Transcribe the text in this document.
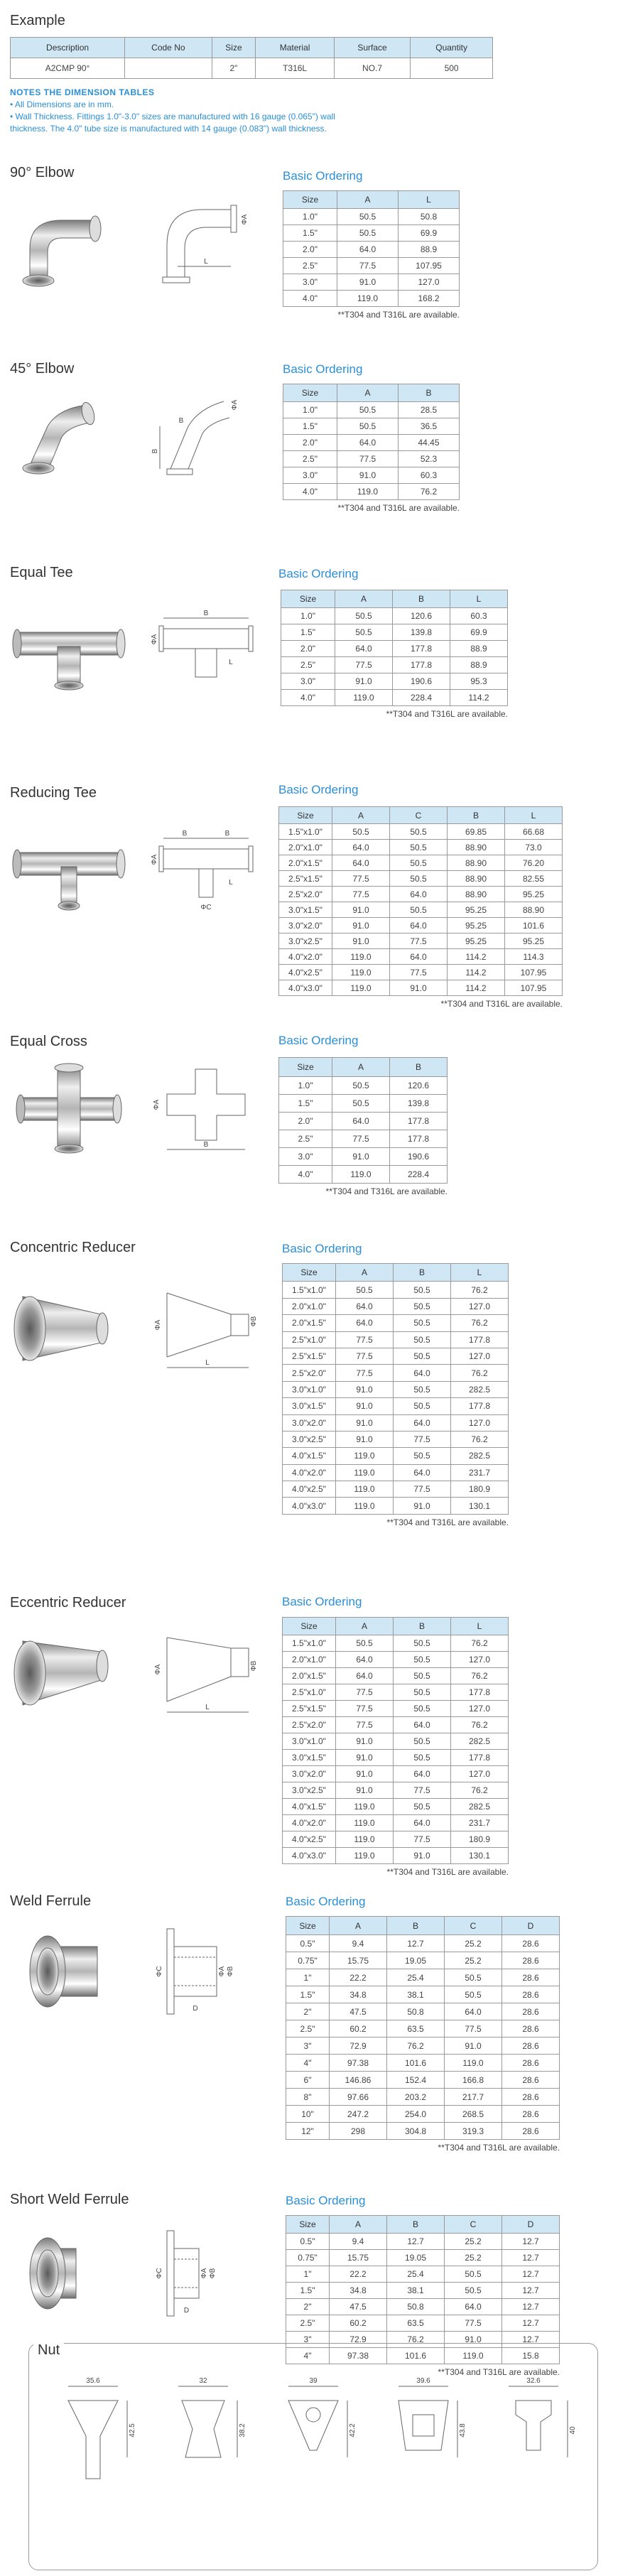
Example
Description	Code No	Size	Material	Surface	Quantity
A2CMP 90°		2"	T316L	NO.7	500
NOTES THE DIMENSION TABLES
• All Dimensions are in mm.
• Wall Thickness. Fittings 1.0"-3.0" sizes are manufactured with 16 gauge (0.065") wall
thickness. The 4.0" tube size is manufactured with 14 gauge (0.083") wall thickness.
90° Elbow	Basic Ordering
L
ΦA
Size	A	L
1.0"	50.5	50.8
1.5"	50.5	69.9
2.0"	64.0	88.9
2.5"	77.5	107.95
3.0"	91.0	127.0
4.0"	119.0	168.2
**T304 and T316L are available.
45° Elbow	Basic Ordering
B
B
ΦA
Size	A	B
1.0"	50.5	28.5
1.5"	50.5	36.5
2.0"	64.0	44.45
2.5"	77.5	52.3
3.0"	91.0	60.3
4.0"	119.0	76.2
**T304 and T316L are available.
Equal Tee	Basic Ordering
B
ΦA
L
Size	A	B	L
1.0"	50.5	120.6	60.3
1.5"	50.5	139.8	69.9
2.0"	64.0	177.8	88.9
2.5"	77.5	177.8	88.9
3.0"	91.0	190.6	95.3
4.0"	119.0	228.4	114.2
**T304 and T316L are available.
Reducing Tee	Basic Ordering
B	B
ΦA
L
ΦC
Size	A	C	B	L
1.5"x1.0"	50.5	50.5	69.85	66.68
2.0"x1.0"	64.0	50.5	88.90	73.0
2.0"x1.5"	64.0	50.5	88.90	76.20
2.5"x1.5"	77.5	50.5	88.90	82.55
2.5"x2.0"	77.5	64.0	88.90	95.25
3.0"x1.5"	91.0	50.5	95.25	88.90
3.0"x2.0"	91.0	64.0	95.25	101.6
3.0"x2.5"	91.0	77.5	95.25	95.25
4.0"x2.0"	119.0	64.0	114.2	114.3
4.0"x2.5"	119.0	77.5	114.2	107.95
4.0"x3.0"	119.0	91.0	114.2	107.95
**T304 and T316L are available.
Equal Cross	Basic Ordering
B
ΦA
Size	A	B
1.0"	50.5	120.6
1.5"	50.5	139.8
2.0"	64.0	177.8
2.5"	77.5	177.8
3.0"	91.0	190.6
4.0"	119.0	228.4
**T304 and T316L are available.
Concentric Reducer	Basic Ordering
L
ΦA	ΦB
Size	A	B	L
1.5"x1.0"	50.5	50.5	76.2
2.0"x1.0"	64.0	50.5	127.0
2.0"x1.5"	64.0	50.5	76.2
2.5"x1.0"	77.5	50.5	177.8
2.5"x1.5"	77.5	50.5	127.0
2.5"x2.0"	77.5	64.0	76.2
3.0"x1.0"	91.0	50.5	282.5
3.0"x1.5"	91.0	50.5	177.8
3.0"x2.0"	91.0	64.0	127.0
3.0"x2.5"	91.0	77.5	76.2
4.0"x1.5"	119.0	50.5	282.5
4.0"x2.0"	119.0	64.0	231.7
4.0"x2.5"	119.0	77.5	180.9
4.0"x3.0"	119.0	91.0	130.1
**T304 and T316L are available.
Eccentric Reducer	Basic Ordering
L
ΦA	ΦB
Size	A	B	L
1.5"x1.0"	50.5	50.5	76.2
2.0"x1.0"	64.0	50.5	127.0
2.0"x1.5"	64.0	50.5	76.2
2.5"x1.0"	77.5	50.5	177.8
2.5"x1.5"	77.5	50.5	127.0
2.5"x2.0"	77.5	64.0	76.2
3.0"x1.0"	91.0	50.5	282.5
3.0"x1.5"	91.0	50.5	177.8
3.0"x2.0"	91.0	64.0	127.0
3.0"x2.5"	91.0	77.5	76.2
4.0"x1.5"	119.0	50.5	282.5
4.0"x2.0"	119.0	64.0	231.7
4.0"x2.5"	119.0	77.5	180.9
4.0"x3.0"	119.0	91.0	130.1
**T304 and T316L are available.
Weld Ferrule	Basic Ordering
ΦC	ΦA ΦB
D
Size	A	B	C	D
0.5"	9.4	12.7	25.2	28.6
0.75"	15.75	19.05	25.2	28.6
1"	22.2	25.4	50.5	28.6
1.5"	34.8	38.1	50.5	28.6
2"	47.5	50.8	64.0	28.6
2.5"	60.2	63.5	77.5	28.6
3"	72.9	76.2	91.0	28.6
4"	97.38	101.6	119.0	28.6
6"	146.86	152.4	166.8	28.6
8"	97.66	203.2	217.7	28.6
10"	247.2	254.0	268.5	28.6
12"	298	304.8	319.3	28.6
**T304 and T316L are available.
Short Weld Ferrule	Basic Ordering
ΦC	ΦA ΦB
D
Size	A	B	C	D
0.5"	9.4	12.7	25.2	12.7
0.75"	15.75	19.05	25.2	12.7
1"	22.2	25.4	50.5	12.7
1.5"	34.8	38.1	50.5	12.7
2"	47.5	50.8	64.0	12.7
2.5"	60.2	63.5	77.5	12.7
3"	72.9	76.2	91.0	12.7
4"	97.38	101.6	119.0	15.8
**T304 and T316L are available.
Nut
35.6
42.5
32
38.2
39
42.2
39.6
43.8
32.6
40
